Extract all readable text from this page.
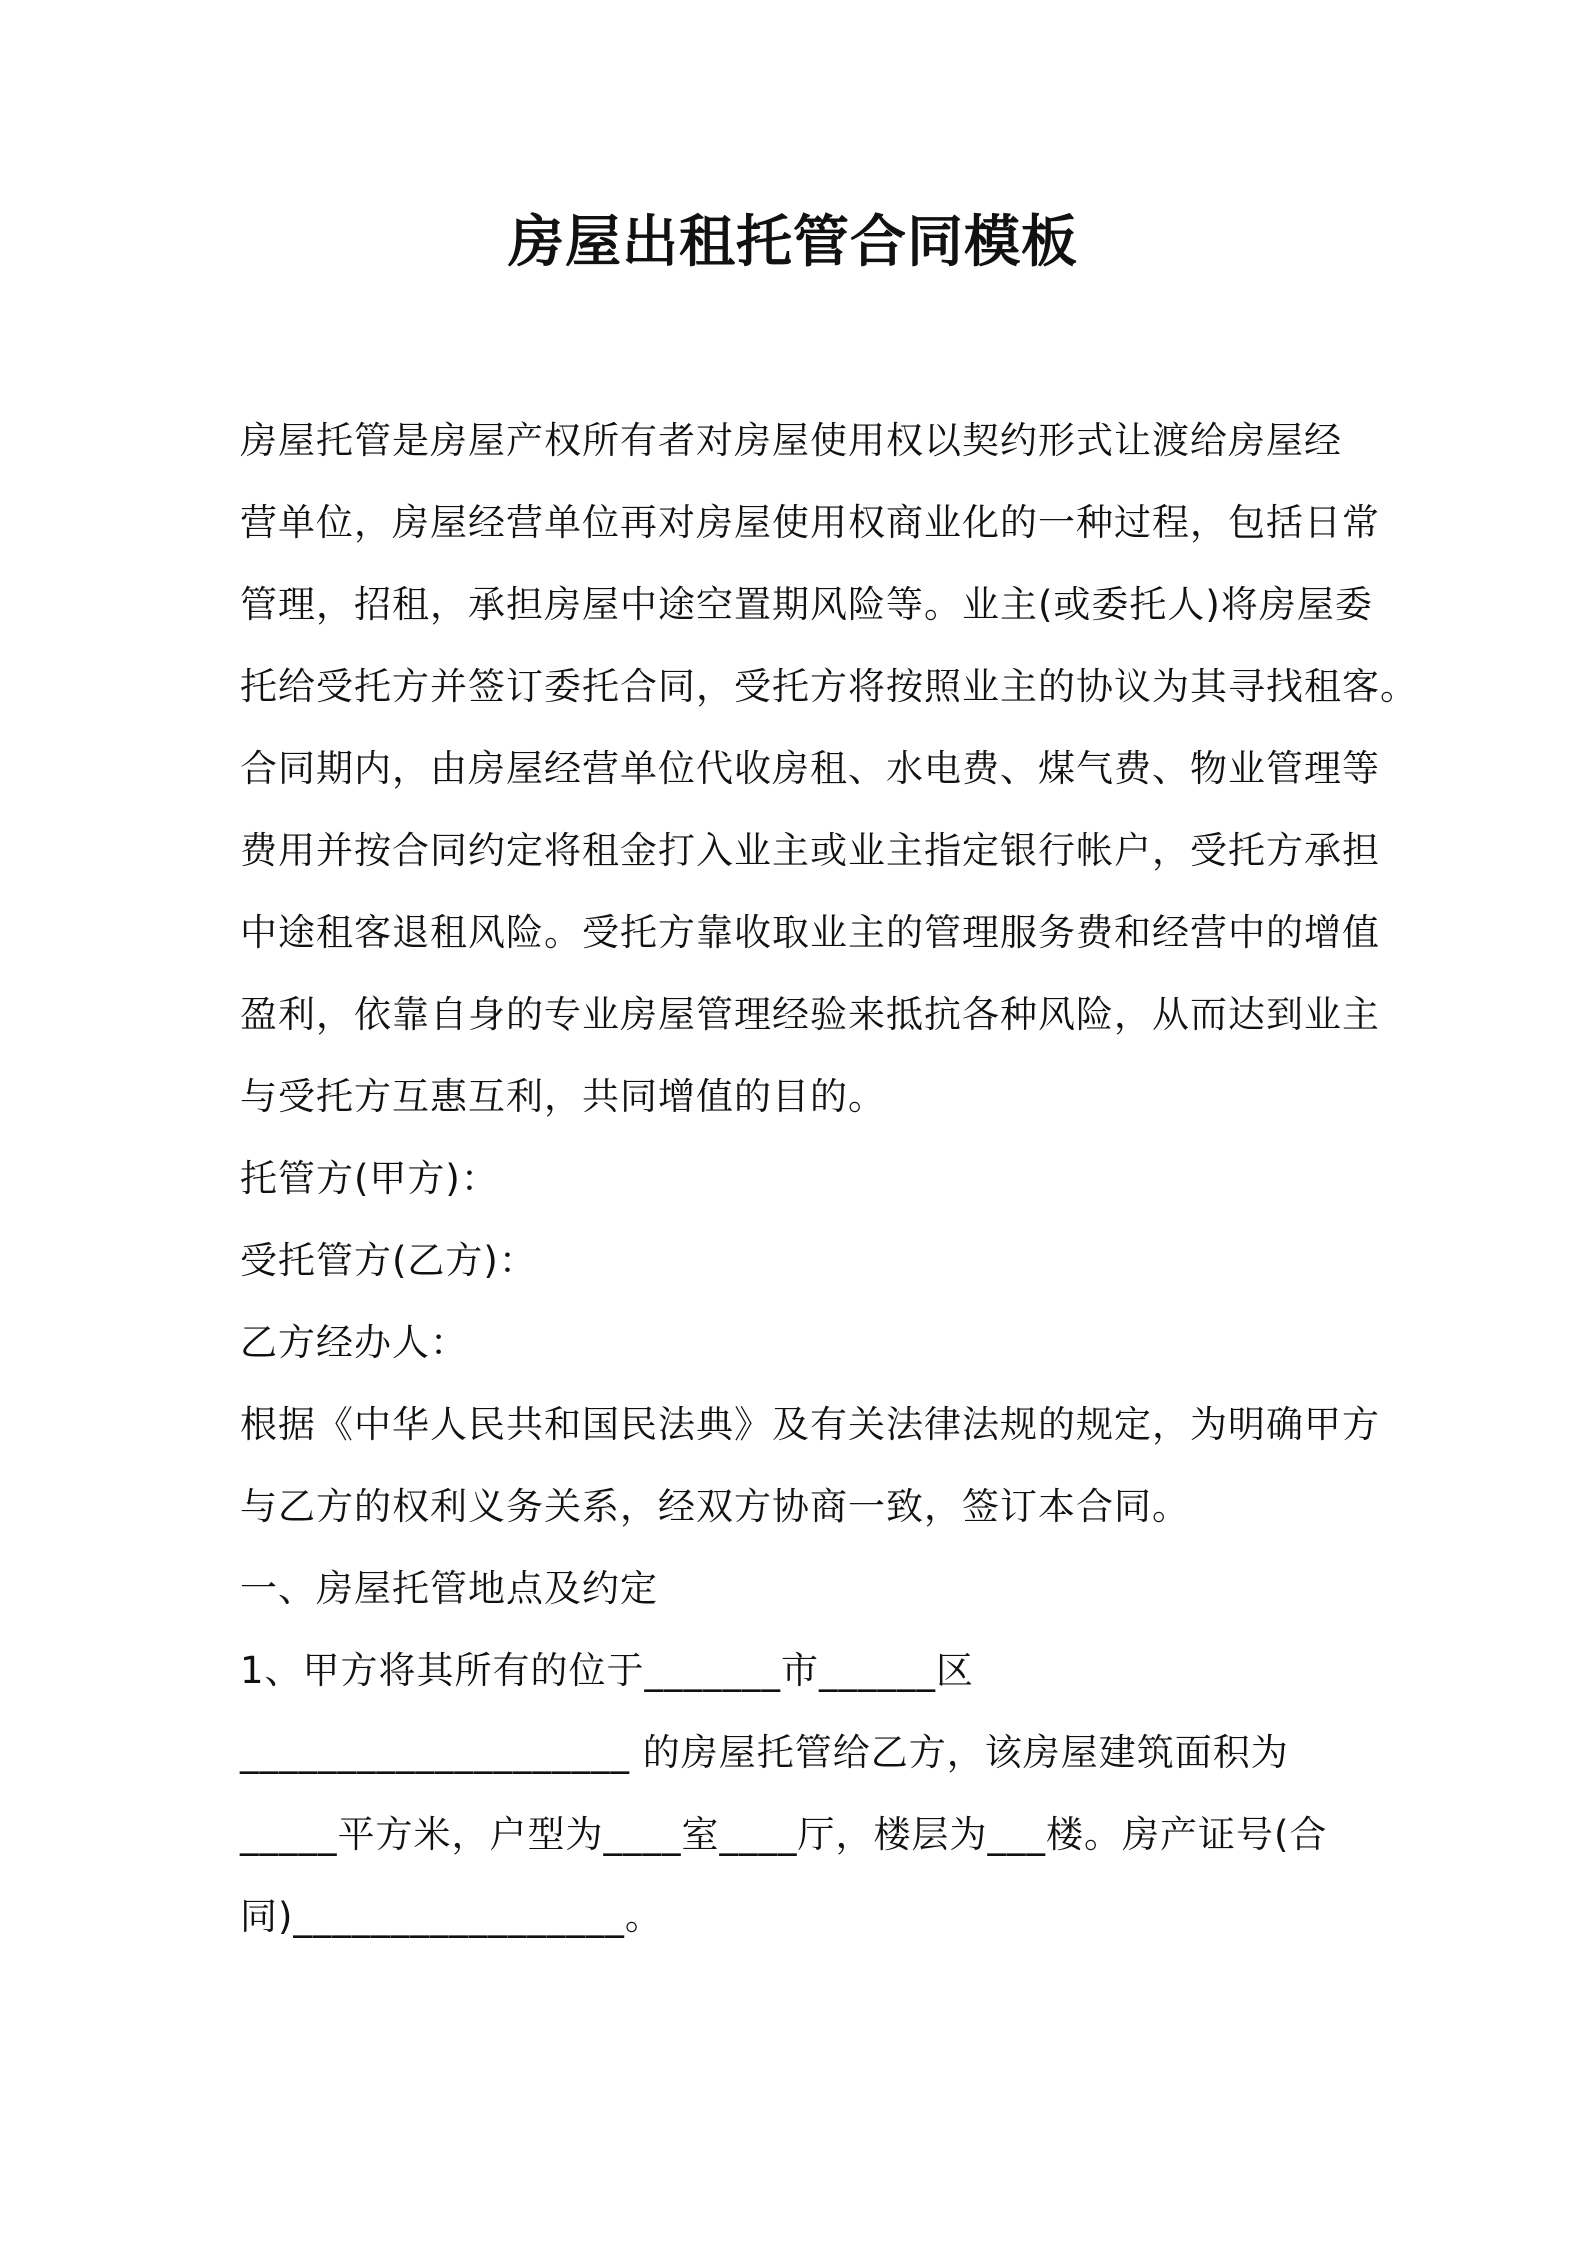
房屋出租托管合同模板
房屋托管是房屋产权所有者对房屋使用权以契约形式让渡给房屋经
营单位，房屋经营单位再对房屋使用权商业化的一种过程，包括日常
管理，招租，承担房屋中途空置期风险等。业主(或委托人)将房屋委
托给受托方并签订委托合同，受托方将按照业主的协议为其寻找租客。
合同期内，由房屋经营单位代收房租、水电费、煤气费、物业管理等
费用并按合同约定将租金打入业主或业主指定银行帐户，受托方承担
中途租客退租风险。受托方靠收取业主的管理服务费和经营中的增值
盈利，依靠自身的专业房屋管理经验来抵抗各种风险，从而达到业主
与受托方互惠互利，共同增值的目的。
托管方(甲方)：
受托管方(乙方)：
乙方经办人：
根据《中华人民共和国民法典》及有关法律法规的规定，为明确甲方
与乙方的权利义务关系，经双方协商一致，签订本合同。
一、房屋托管地点及约定
1、甲方将其所有的位于_______市______区
____________________ 的房屋托管给乙方，该房屋建筑面积为
_____平方米，户型为____室____厅，楼层为___楼。房产证号(合
同)_________________。
